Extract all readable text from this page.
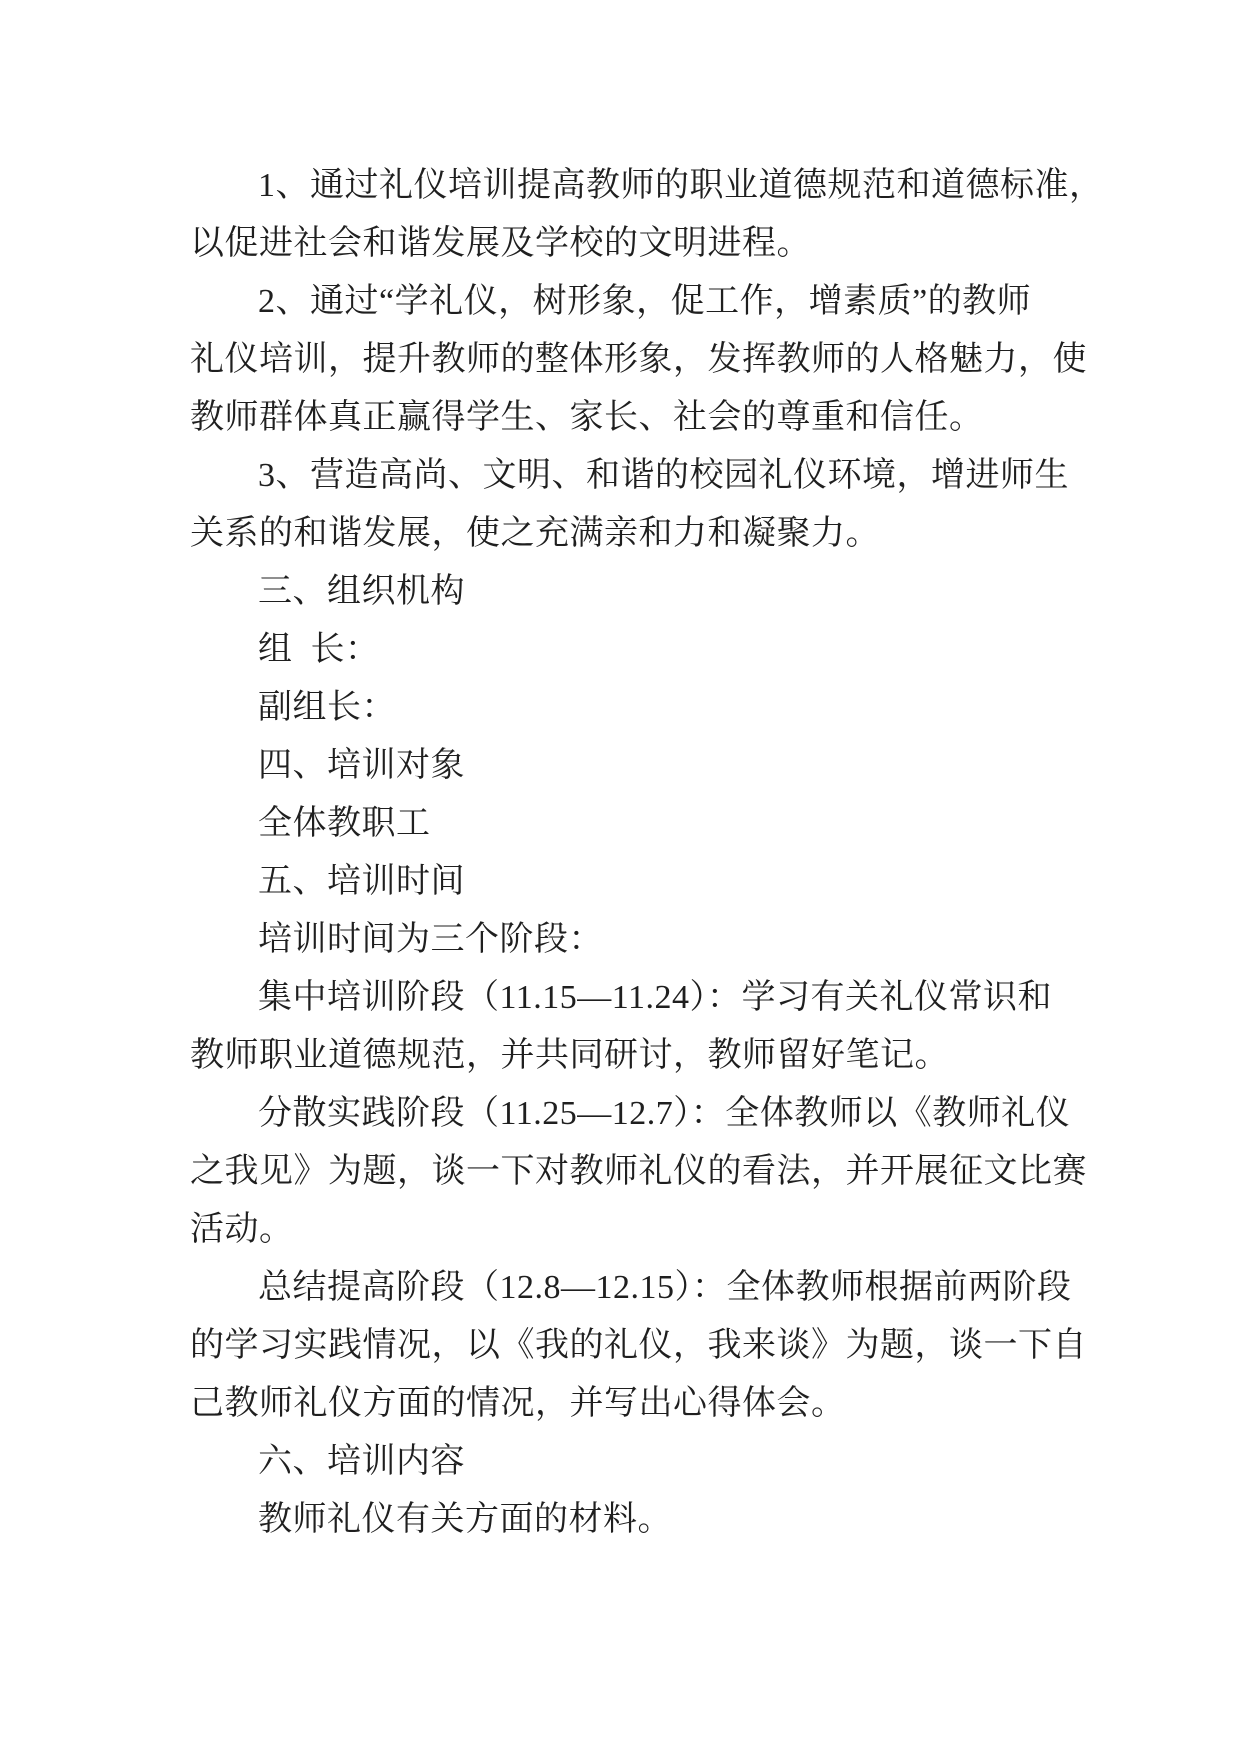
1、通过礼仪培训提高教师的职业道德规范和道德标准，
以促进社会和谐发展及学校的文明进程。
2、通过“学礼仪，树形象，促工作，增素质”的教师
礼仪培训，提升教师的整体形象，发挥教师的人格魅力，使
教师群体真正赢得学生、家长、社会的尊重和信任。
3、营造高尚、文明、和谐的校园礼仪环境，增进师生
关系的和谐发展，使之充满亲和力和凝聚力。
三、组织机构
组  长：
副组长：
四、培训对象
全体教职工
五、培训时间
培训时间为三个阶段：
集中培训阶段（11.15—11.24）：学习有关礼仪常识和
教师职业道德规范，并共同研讨，教师留好笔记。
分散实践阶段（11.25—12.7）：全体教师以《教师礼仪
之我见》为题，谈一下对教师礼仪的看法，并开展征文比赛
活动。
总结提高阶段（12.8—12.15）：全体教师根据前两阶段
的学习实践情况，以《我的礼仪，我来谈》为题，谈一下自
己教师礼仪方面的情况，并写出心得体会。
六、培训内容
教师礼仪有关方面的材料。
